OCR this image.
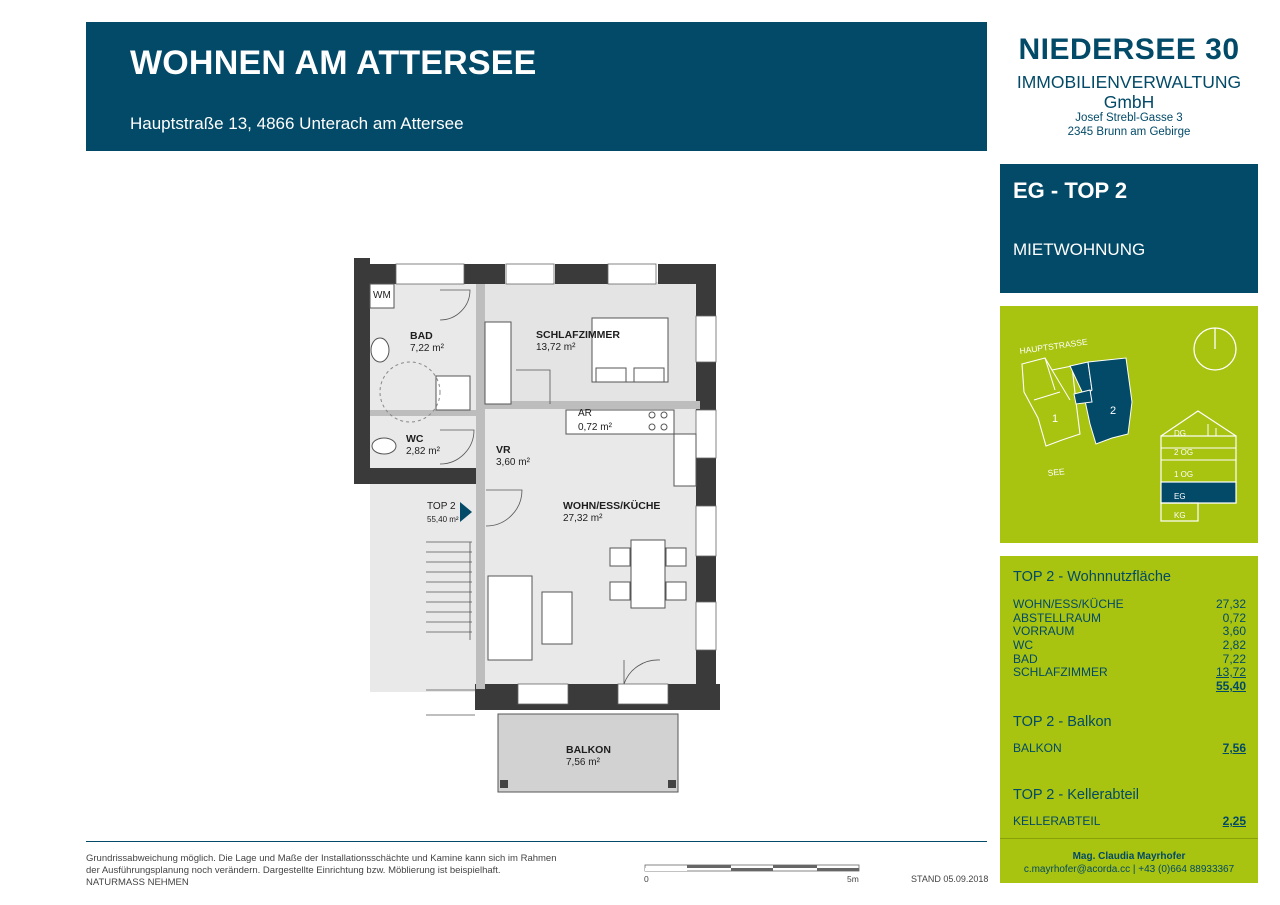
WOHNEN AM ATTERSEE
Hauptstraße 13, 4866 Unterach am Attersee
NIEDERSEE 30
IMMOBILIENVERWALTUNG
GmbH
Josef Strebl-Gasse 3
2345 Brunn am Gebirge
EG - TOP 2
MIETWOHNUNG
HAUPTSTRASSE
1
2
SEE
DG
2 OG
1 OG
EG
KG
TOP 2 - Wohnnutzfläche
WOHN/ESS/KÜCHE	27,32
ABSTELLRAUM	0,72
VORRAUM	3,60
WC	2,82
BAD	7,22
SCHLAFZIMMER	13,72
55,40
TOP 2 - Balkon
BALKON	7,56
TOP 2 - Kellerabteil
KELLERABTEIL	2,25
Mag. Claudia Mayrhofer
c.mayrhofer@acorda.cc | +43 (0)664 88933367
WM
BAD
7,22 m²
SCHLAFZIMMER
13,72 m²
AR
0,72 m²
WC
2,82 m²	VR
3,60 m²
WOHN/ESS/KÜCHE
27,32 m²
TOP 2
55,40 m²
BALKON
7,56 m²
Grundrissabweichung möglich. Die Lage und Maße der Installationsschächte und Kamine kann sich im Rahmen
der Ausführungsplanung noch verändern. Dargestellte Einrichtung bzw. Möblierung ist beispielhaft.
NATURMASS NEHMEN	0	5m	STAND 05.09.2018
